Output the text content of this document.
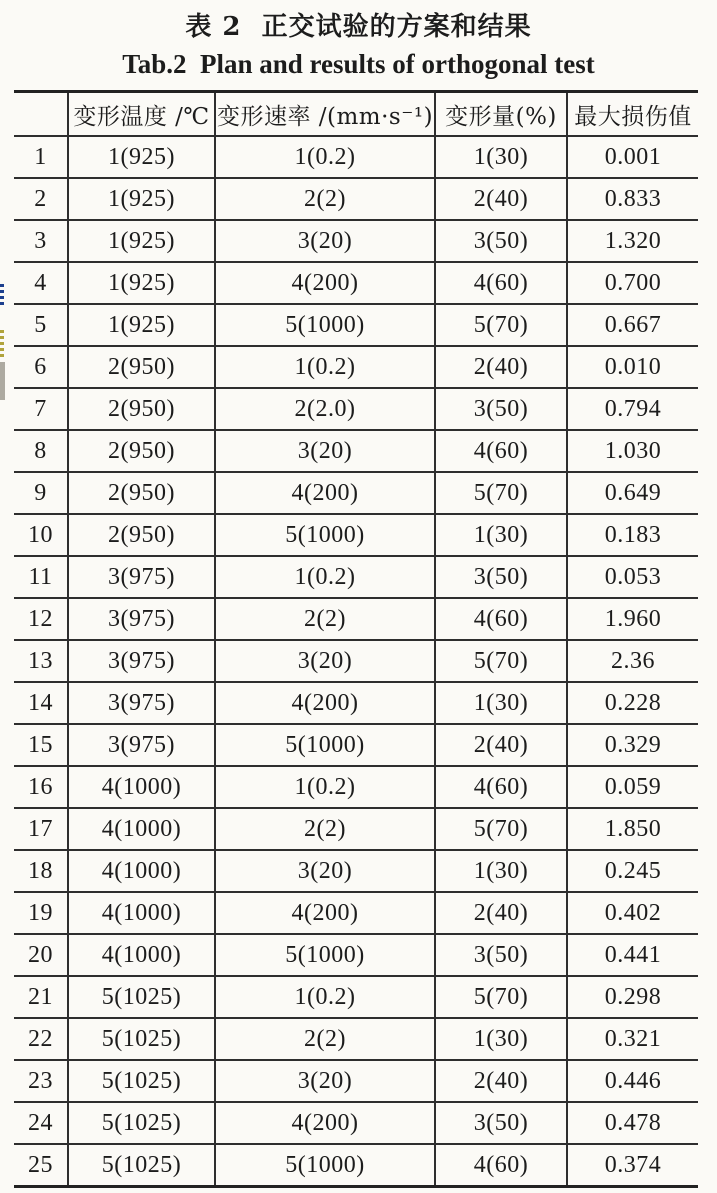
表 2  正交试验的方案和结果
Tab.2  Plan and results of orthogonal test
	变形温度 /℃	变形速率 /(mm·s⁻¹)	变形量(%)	最大损伤值
1	1(925)	1(0.2)	1(30)	0.001
2	1(925)	2(2)	2(40)	0.833
3	1(925)	3(20)	3(50)	1.320
4	1(925)	4(200)	4(60)	0.700
5	1(925)	5(1000)	5(70)	0.667
6	2(950)	1(0.2)	2(40)	0.010
7	2(950)	2(2.0)	3(50)	0.794
8	2(950)	3(20)	4(60)	1.030
9	2(950)	4(200)	5(70)	0.649
10	2(950)	5(1000)	1(30)	0.183
11	3(975)	1(0.2)	3(50)	0.053
12	3(975)	2(2)	4(60)	1.960
13	3(975)	3(20)	5(70)	2.36
14	3(975)	4(200)	1(30)	0.228
15	3(975)	5(1000)	2(40)	0.329
16	4(1000)	1(0.2)	4(60)	0.059
17	4(1000)	2(2)	5(70)	1.850
18	4(1000)	3(20)	1(30)	0.245
19	4(1000)	4(200)	2(40)	0.402
20	4(1000)	5(1000)	3(50)	0.441
21	5(1025)	1(0.2)	5(70)	0.298
22	5(1025)	2(2)	1(30)	0.321
23	5(1025)	3(20)	2(40)	0.446
24	5(1025)	4(200)	3(50)	0.478
25	5(1025)	5(1000)	4(60)	0.374
